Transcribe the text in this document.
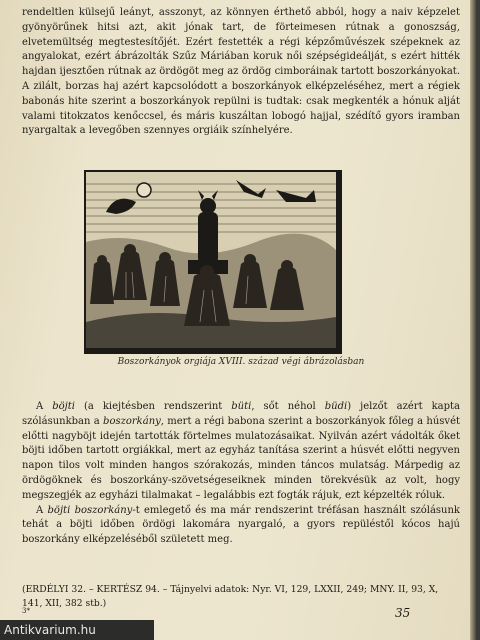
rendeltlen külsejű leányt, asszonyt, az könnyen érthető abból, hogy a naiv képzelet gyönyörűnek hitsi azt, akit jónak tart, de förteimesen rútnak a gonoszság, elvetemültség megtestesítőjét. Ezért festették a régi képzőművészek szépeknek az angyalokat, ezért ábrázolták Szűz Máriában koruk női szépségideálját, s ezért hitték hajdan ijesztően rútnak az ördögöt meg az ördög cimboráinak tartott boszorkányokat. A zilált, borzas haj azért kapcsolódott a boszorkányok elképzeléséhez, mert a régiek babonás hite szerint a boszorkányok repülni is tudtak: csak megkenték a hónuk alját valami titokzatos kenőccsel, és máris kuszáltan lobogó hajjal, szédítő gyors iramban nyargaltak a levegőben szennyes orgiáik színhelyére.

Boszorkányok orgiája XVIII. század végi ábrázolásban

A böjti (a kiejtésben rendszerint büti, sőt néhol büdi) jelzőt azért kapta szólásunkban a boszorkány, mert a régi babona szerint a boszorkányok főleg a húsvét előtti nagyböjt idején tartották förtelmes mulatozásaikat. Nyilván azért vádolták őket böjti időben tartott orgiákkal, mert az egyház tanítása szerint a húsvét előtti negyven napon tilos volt minden hangos szórakozás, minden táncos mulatság. Márpedig az ördögöknek és boszorkány-szövetségeseiknek minden törekvésük az volt, hogy megszegjék az egyházi tilalmakat – legalábbis ezt fogták rájuk, ezt képzelték róluk.

A böjti boszorkány-t emlegető és ma már rendszerint tréfásan használt szólásunk tehát a böjti időben ördögi lakomára nyargaló, a gyors repüléstől kócos hajú boszorkány elképzeléséből született meg.

(ERDÉLYI 32. – KERTÉSZ 94. – Tájnyelvi adatok: Nyr. VI, 129, LXXII, 249; MNY. II, 93, X, 141, XII, 382 stb.)
3*	35
Antikvarium.hu
